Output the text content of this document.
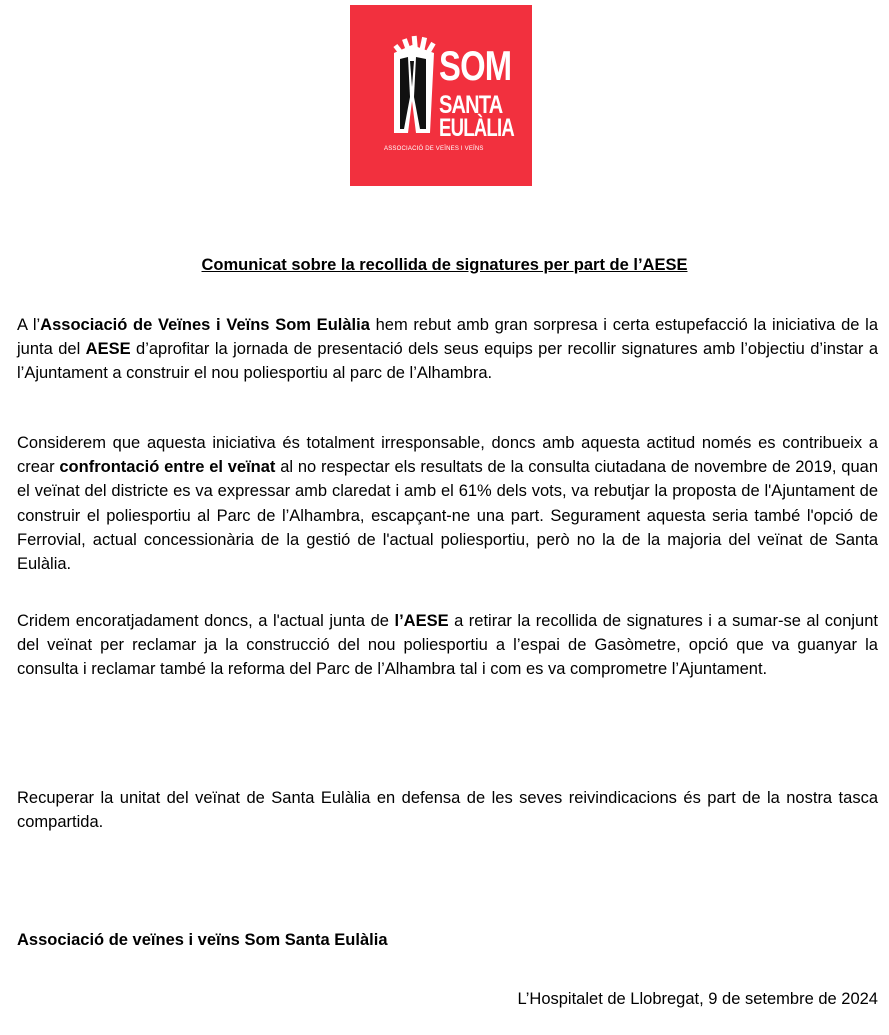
SOM
SANTA
EULÀLIA
ASSOCIACIÓ DE VEÏNES I VEÏNS
Comunicat sobre la recollida de signatures per part de l’AESE

A l’Associació de Veïnes i Veïns Som Eulàlia hem rebut amb gran sorpresa i certa estupefacció la iniciativa de la junta del AESE d’aprofitar la jornada de presentació dels seus equips per recollir signatures amb l’objectiu d’instar a l’Ajuntament a construir el nou poliesportiu al parc de l’Alhambra.

Considerem que aquesta iniciativa és totalment irresponsable, doncs amb aquesta actitud només es contribueix a crear confrontació entre el veïnat al no respectar els resultats de la consulta ciutadana de novembre de 2019, quan el veïnat del districte es va expressar amb claredat i amb el 61% dels vots, va rebutjar la proposta de l'Ajuntament de construir el poliesportiu al Parc de l’Alhambra, escapçant-ne una part. Segurament aquesta seria també l'opció de Ferrovial, actual concessionària de la gestió de l'actual poliesportiu, però no la de la majoria del veïnat de Santa Eulàlia.

Cridem encoratjadament doncs, a l'actual junta de l’AESE a retirar la recollida de signatures i a sumar-se al conjunt del veïnat per reclamar ja la construcció del nou poliesportiu a l’espai de Gasòmetre, opció que va guanyar la consulta i reclamar també la reforma del Parc de l’Alhambra tal i com es va comprometre l’Ajuntament.

Recuperar la unitat del veïnat de Santa Eulàlia en defensa de les seves reivindicacions és part de la nostra tasca compartida.

Associació de veïnes i veïns Som Santa Eulàlia
L’Hospitalet de Llobregat, 9 de setembre de 2024
